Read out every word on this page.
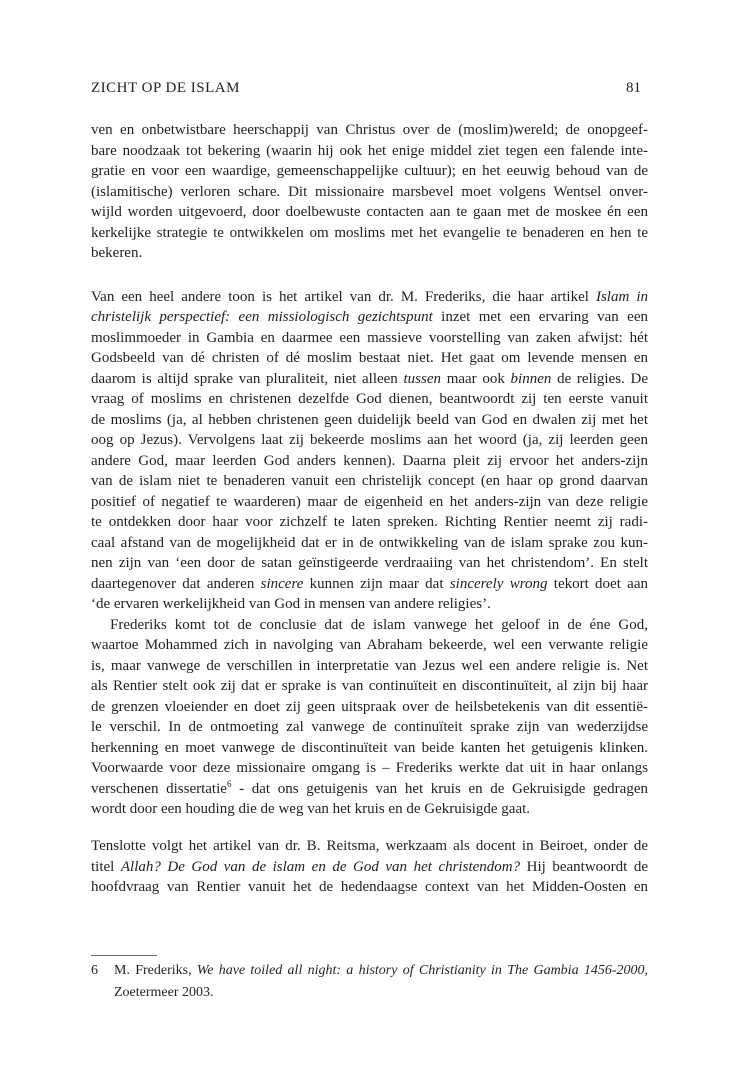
ZICHT OP DE ISLAM	81
ven en onbetwistbare heerschappij van Christus over de (moslim)wereld; de onopgeef-
bare noodzaak tot bekering (waarin hij ook het enige middel ziet tegen een falende inte-
gratie en voor een waardige, gemeenschappelijke cultuur); en het eeuwig behoud van de
(islamitische) verloren schare. Dit missionaire marsbevel moet volgens Wentsel onver-
wijld worden uitgevoerd, door doelbewuste contacten aan te gaan met de moskee én een
kerkelijke strategie te ontwikkelen om moslims met het evangelie te benaderen en hen te
bekeren.
Van een heel andere toon is het artikel van dr. M. Frederiks, die haar artikel Islam in
christelijk perspectief: een missiologisch gezichtspunt inzet met een ervaring van een
moslimmoeder in Gambia en daarmee een massieve voorstelling van zaken afwijst: hét
Godsbeeld van dé christen of dé moslim bestaat niet. Het gaat om levende mensen en
daarom is altijd sprake van pluraliteit, niet alleen tussen maar ook binnen de religies. De
vraag of moslims en christenen dezelfde God dienen, beantwoordt zij ten eerste vanuit
de moslims (ja, al hebben christenen geen duidelijk beeld van God en dwalen zij met het
oog op Jezus). Vervolgens laat zij bekeerde moslims aan het woord (ja, zij leerden geen
andere God, maar leerden God anders kennen). Daarna pleit zij ervoor het anders-zijn
van de islam niet te benaderen vanuit een christelijk concept (en haar op grond daarvan
positief of negatief te waarderen) maar de eigenheid en het anders-zijn van deze religie
te ontdekken door haar voor zichzelf te laten spreken. Richting Rentier neemt zij radi-
caal afstand van de mogelijkheid dat er in de ontwikkeling van de islam sprake zou kun-
nen zijn van ‘een door de satan geïnstigeerde verdraaiing van het christendom’. En stelt
daartegenover dat anderen sincere kunnen zijn maar dat sincerely wrong tekort doet aan
‘de ervaren werkelijkheid van God in mensen van andere religies’.
Frederiks komt tot de conclusie dat de islam vanwege het geloof in de éne God,
waartoe Mohammed zich in navolging van Abraham bekeerde, wel een verwante religie
is, maar vanwege de verschillen in interpretatie van Jezus wel een andere religie is. Net
als Rentier stelt ook zij dat er sprake is van continuïteit en discontinuïteit, al zijn bij haar
de grenzen vloeiender en doet zij geen uitspraak over de heilsbetekenis van dit essentië-
le verschil. In de ontmoeting zal vanwege de continuïteit sprake zijn van wederzijdse
herkenning en moet vanwege de discontinuïteit van beide kanten het getuigenis klinken.
Voorwaarde voor deze missionaire omgang is – Frederiks werkte dat uit in haar onlangs
verschenen dissertatie$^6$ - dat ons getuigenis van het kruis en de Gekruisigde gedragen
wordt door een houding die de weg van het kruis en de Gekruisigde gaat.
Tenslotte volgt het artikel van dr. B. Reitsma, werkzaam als docent in Beiroet, onder de
titel Allah? De God van de islam en de God van het christendom? Hij beantwoordt de
hoofdvraag van Rentier vanuit het de hedendaagse context van het Midden-Oosten en
6 M. Frederiks, We have toiled all night: a history of Christianity in The Gambia 1456-2000,
Zoetermeer 2003.
